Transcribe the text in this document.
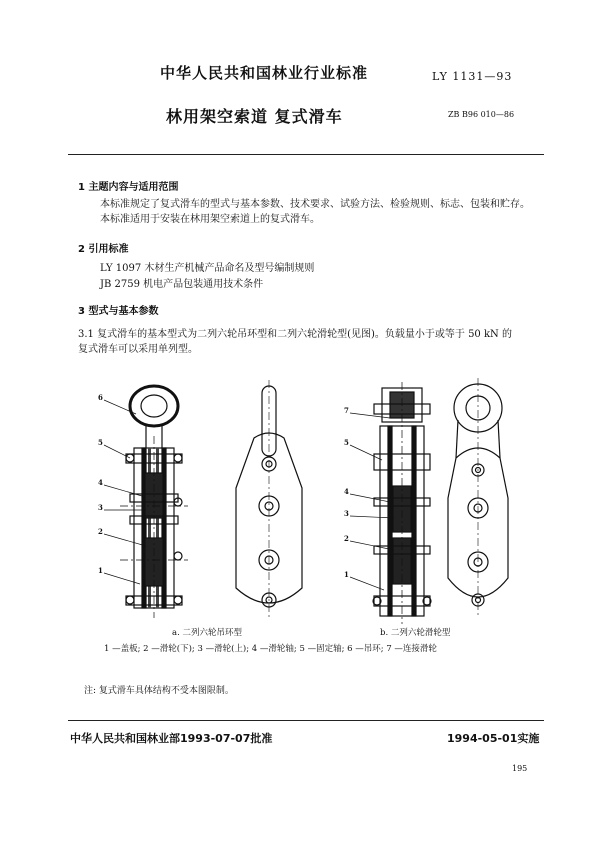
中华人民共和国林业行业标准	LY 1131—93
林用架空索道 复式滑车	ZB B96 010—86
1 主题内容与适用范围
本标准规定了复式滑车的型式与基本参数、技术要求、试验方法、检验规则、标志、包装和贮存。
本标准适用于安装在林用架空索道上的复式滑车。
2 引用标准
LY 1097 木材生产机械产品命名及型号编制规则
JB 2759 机电产品包装通用技术条件
3 型式与基本参数
3.1 复式滑车的基本型式为二列六轮吊环型和二列六轮滑轮型(见图)。负载量小于或等于 50 kN 的
复式滑车可以采用单列型。
6
5
4
3
2
1
7
5
4
3
2
1
a. 二列六轮吊环型	b. 二列六轮滑轮型
1 —盖板; 2 —滑轮(下); 3 —滑轮(上); 4 —滑轮轴; 5 —固定轴; 6 —吊环; 7 —连接滑轮
注: 复式滑车具体结构不受本图限制。
中华人民共和国林业部1993-07-07批准	1994-05-01实施
195
